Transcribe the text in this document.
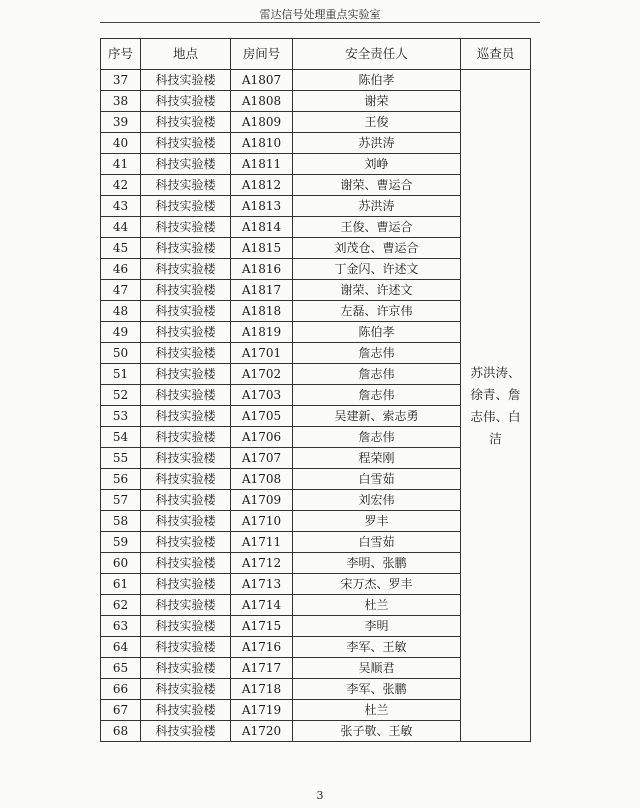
雷达信号处理重点实验室
序号	地点	房间号	安全责任人	巡查员
37	科技实验楼	A1807	陈伯孝	苏洪涛、徐青、詹志伟、白洁
38	科技实验楼	A1808	谢荣	
39	科技实验楼	A1809	王俊	
40	科技实验楼	A1810	苏洪涛	
41	科技实验楼	A1811	刘峥	
42	科技实验楼	A1812	谢荣、曹运合	
43	科技实验楼	A1813	苏洪涛	
44	科技实验楼	A1814	王俊、曹运合	
45	科技实验楼	A1815	刘茂仓、曹运合	
46	科技实验楼	A1816	丁金闪、许述文	
47	科技实验楼	A1817	谢荣、许述文	
48	科技实验楼	A1818	左磊、许京伟	
49	科技实验楼	A1819	陈伯孝	
50	科技实验楼	A1701	詹志伟	
51	科技实验楼	A1702	詹志伟	
52	科技实验楼	A1703	詹志伟	
53	科技实验楼	A1705	吴建新、索志勇	
54	科技实验楼	A1706	詹志伟	
55	科技实验楼	A1707	程荣刚	
56	科技实验楼	A1708	白雪茹	
57	科技实验楼	A1709	刘宏伟	
58	科技实验楼	A1710	罗丰	
59	科技实验楼	A1711	白雪茹	
60	科技实验楼	A1712	李明、张鹏	
61	科技实验楼	A1713	宋万杰、罗丰	
62	科技实验楼	A1714	杜兰	
63	科技实验楼	A1715	李明	
64	科技实验楼	A1716	李军、王敏	
65	科技实验楼	A1717	吴顺君	
66	科技实验楼	A1718	李军、张鹏	
67	科技实验楼	A1719	杜兰	
68	科技实验楼	A1720	张子敬、王敏	
3
